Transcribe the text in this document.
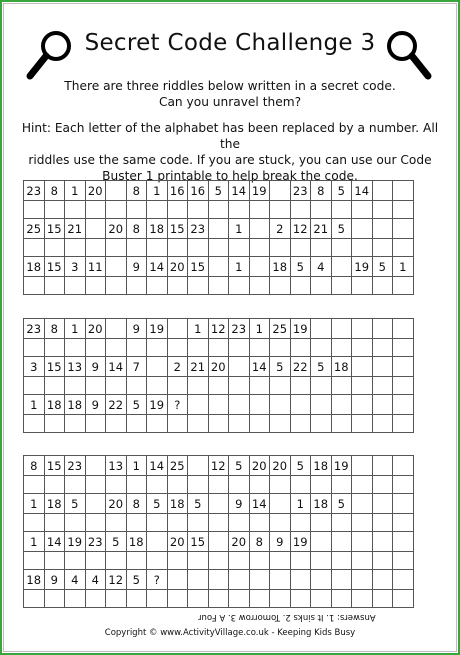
Secret Code Challenge 3
There are three riddles below written in a secret code.
Can you unravel them?
Hint: Each letter of the alphabet has been replaced by a number. All the
riddles use the same code. If you are stuck, you can use our Code
Buster 1 printable to help break the code.
23	8	1	20		8	1	16	16	5	14	19		23	8	5	14		

25	15	21		20	8	18	15	23		1		2	12	21	5			

18	15	3	11		9	14	20	15		1		18	5	4		19	5	1

23	8	1	20		9	19		1	12	23	1	25	19					

3	15	13	9	14	7		2	21	20		14	5	22	5	18			

1	18	18	9	22	5	19	?											

8	15	23		13	1	14	25		12	5	20	20	5	18	19			

1	18	5		20	8	5	18	5		9	14		1	18	5			

1	14	19	23	5	18		20	15		20	8	9	19					

18	9	4	4	12	5	?												

Answers: 1. It sinks 2. Tomorrow 3. A Four
Copyright © www.ActivityVillage.co.uk - Keeping Kids Busy
